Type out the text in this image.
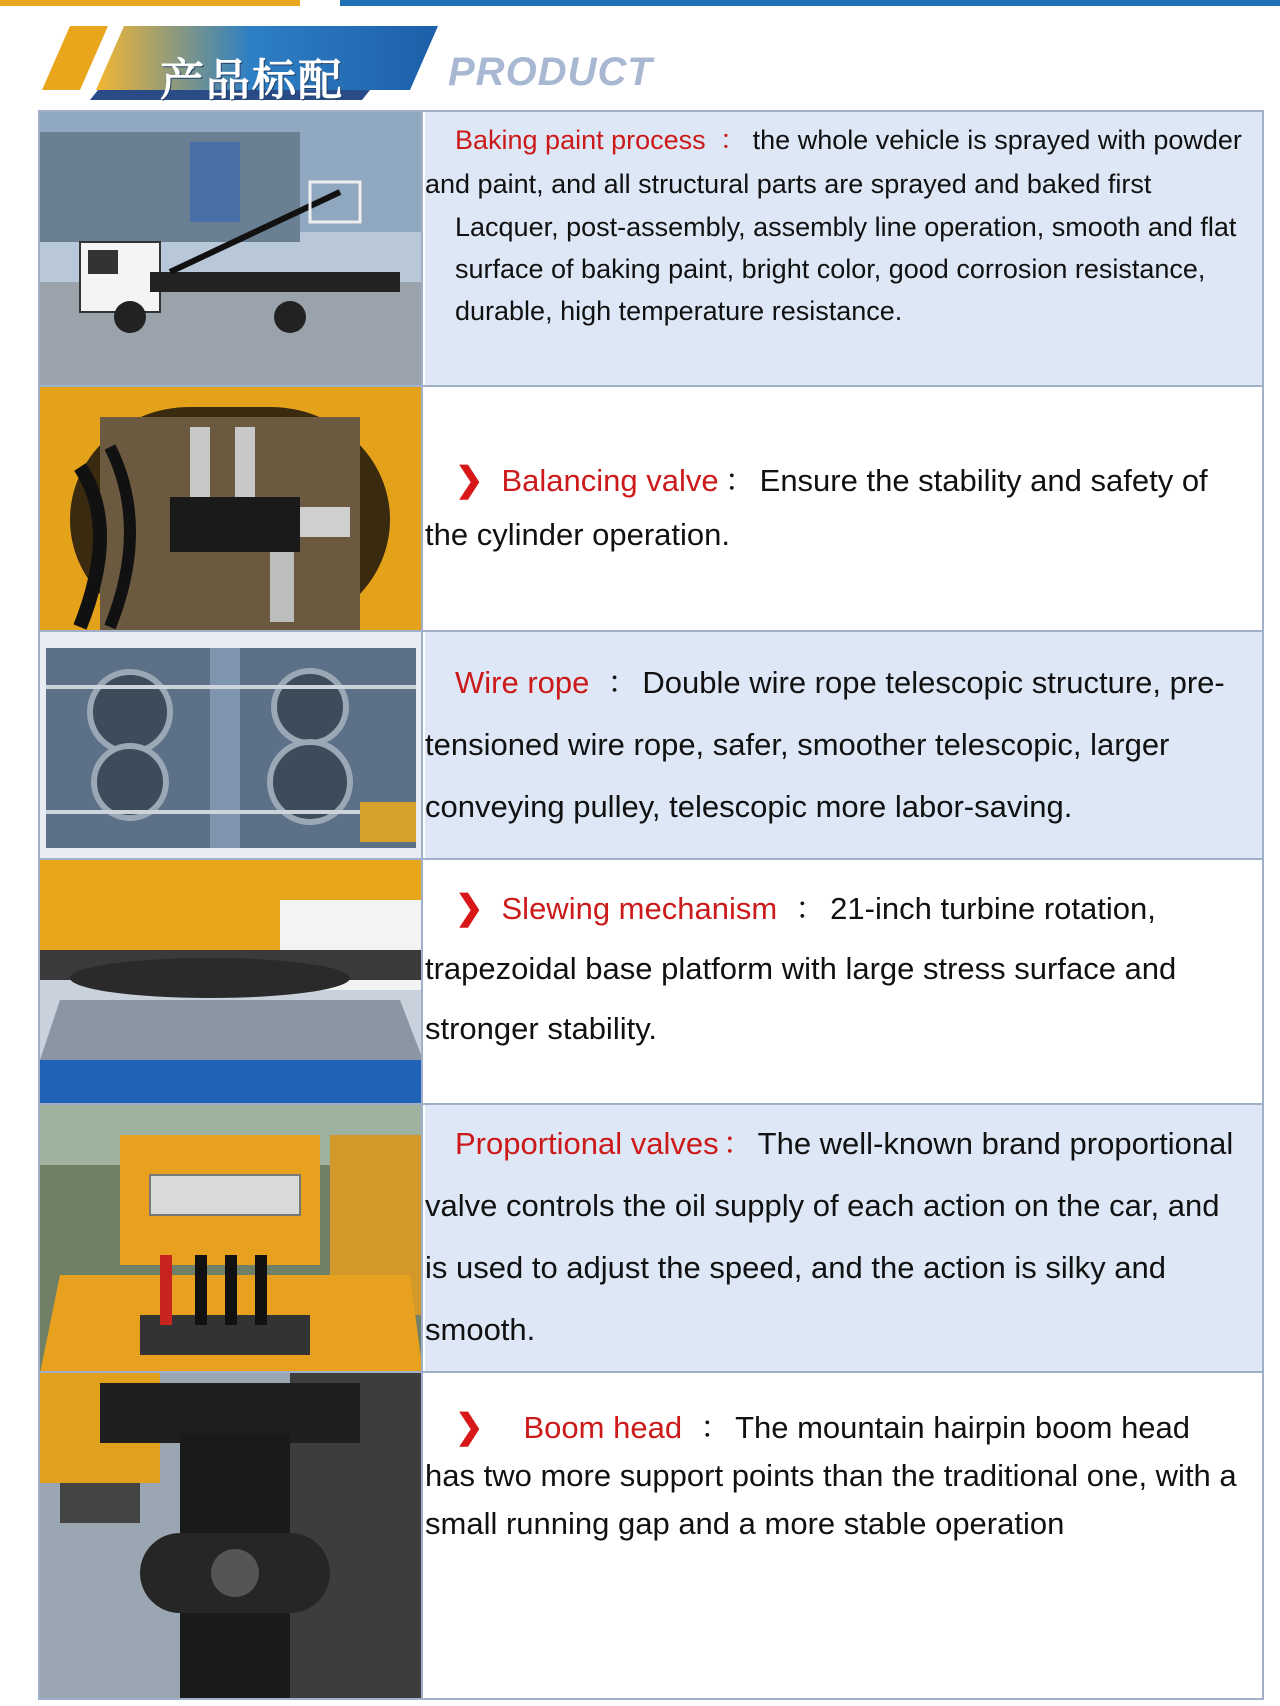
产品标配	PRODUCT

Baking paint process ： the whole vehicle is sprayed with powder and paint, and all structural parts are sprayed and baked first

Lacquer, post-assembly, assembly line operation, smooth and flat surface of baking paint, bright color, good corrosion resistance, durable, high temperature resistance.

❯ Balancing valve ： Ensure the stability and safety of the cylinder operation.

Wire rope ： Double wire rope telescopic structure, pre-tensioned wire rope, safer, smoother telescopic, larger conveying pulley, telescopic more labor-saving.

❯ Slewing mechanism ： 21-inch turbine rotation, trapezoidal base platform with large stress surface and stronger stability.

Proportional valves ： The well-known brand proportional valve controls the oil supply of each action on the car, and is used to adjust the speed, and the action is silky and smooth.

❯ Boom head ： The mountain hairpin boom head has two more support points than the traditional one, with a small running gap and a more stable operation
